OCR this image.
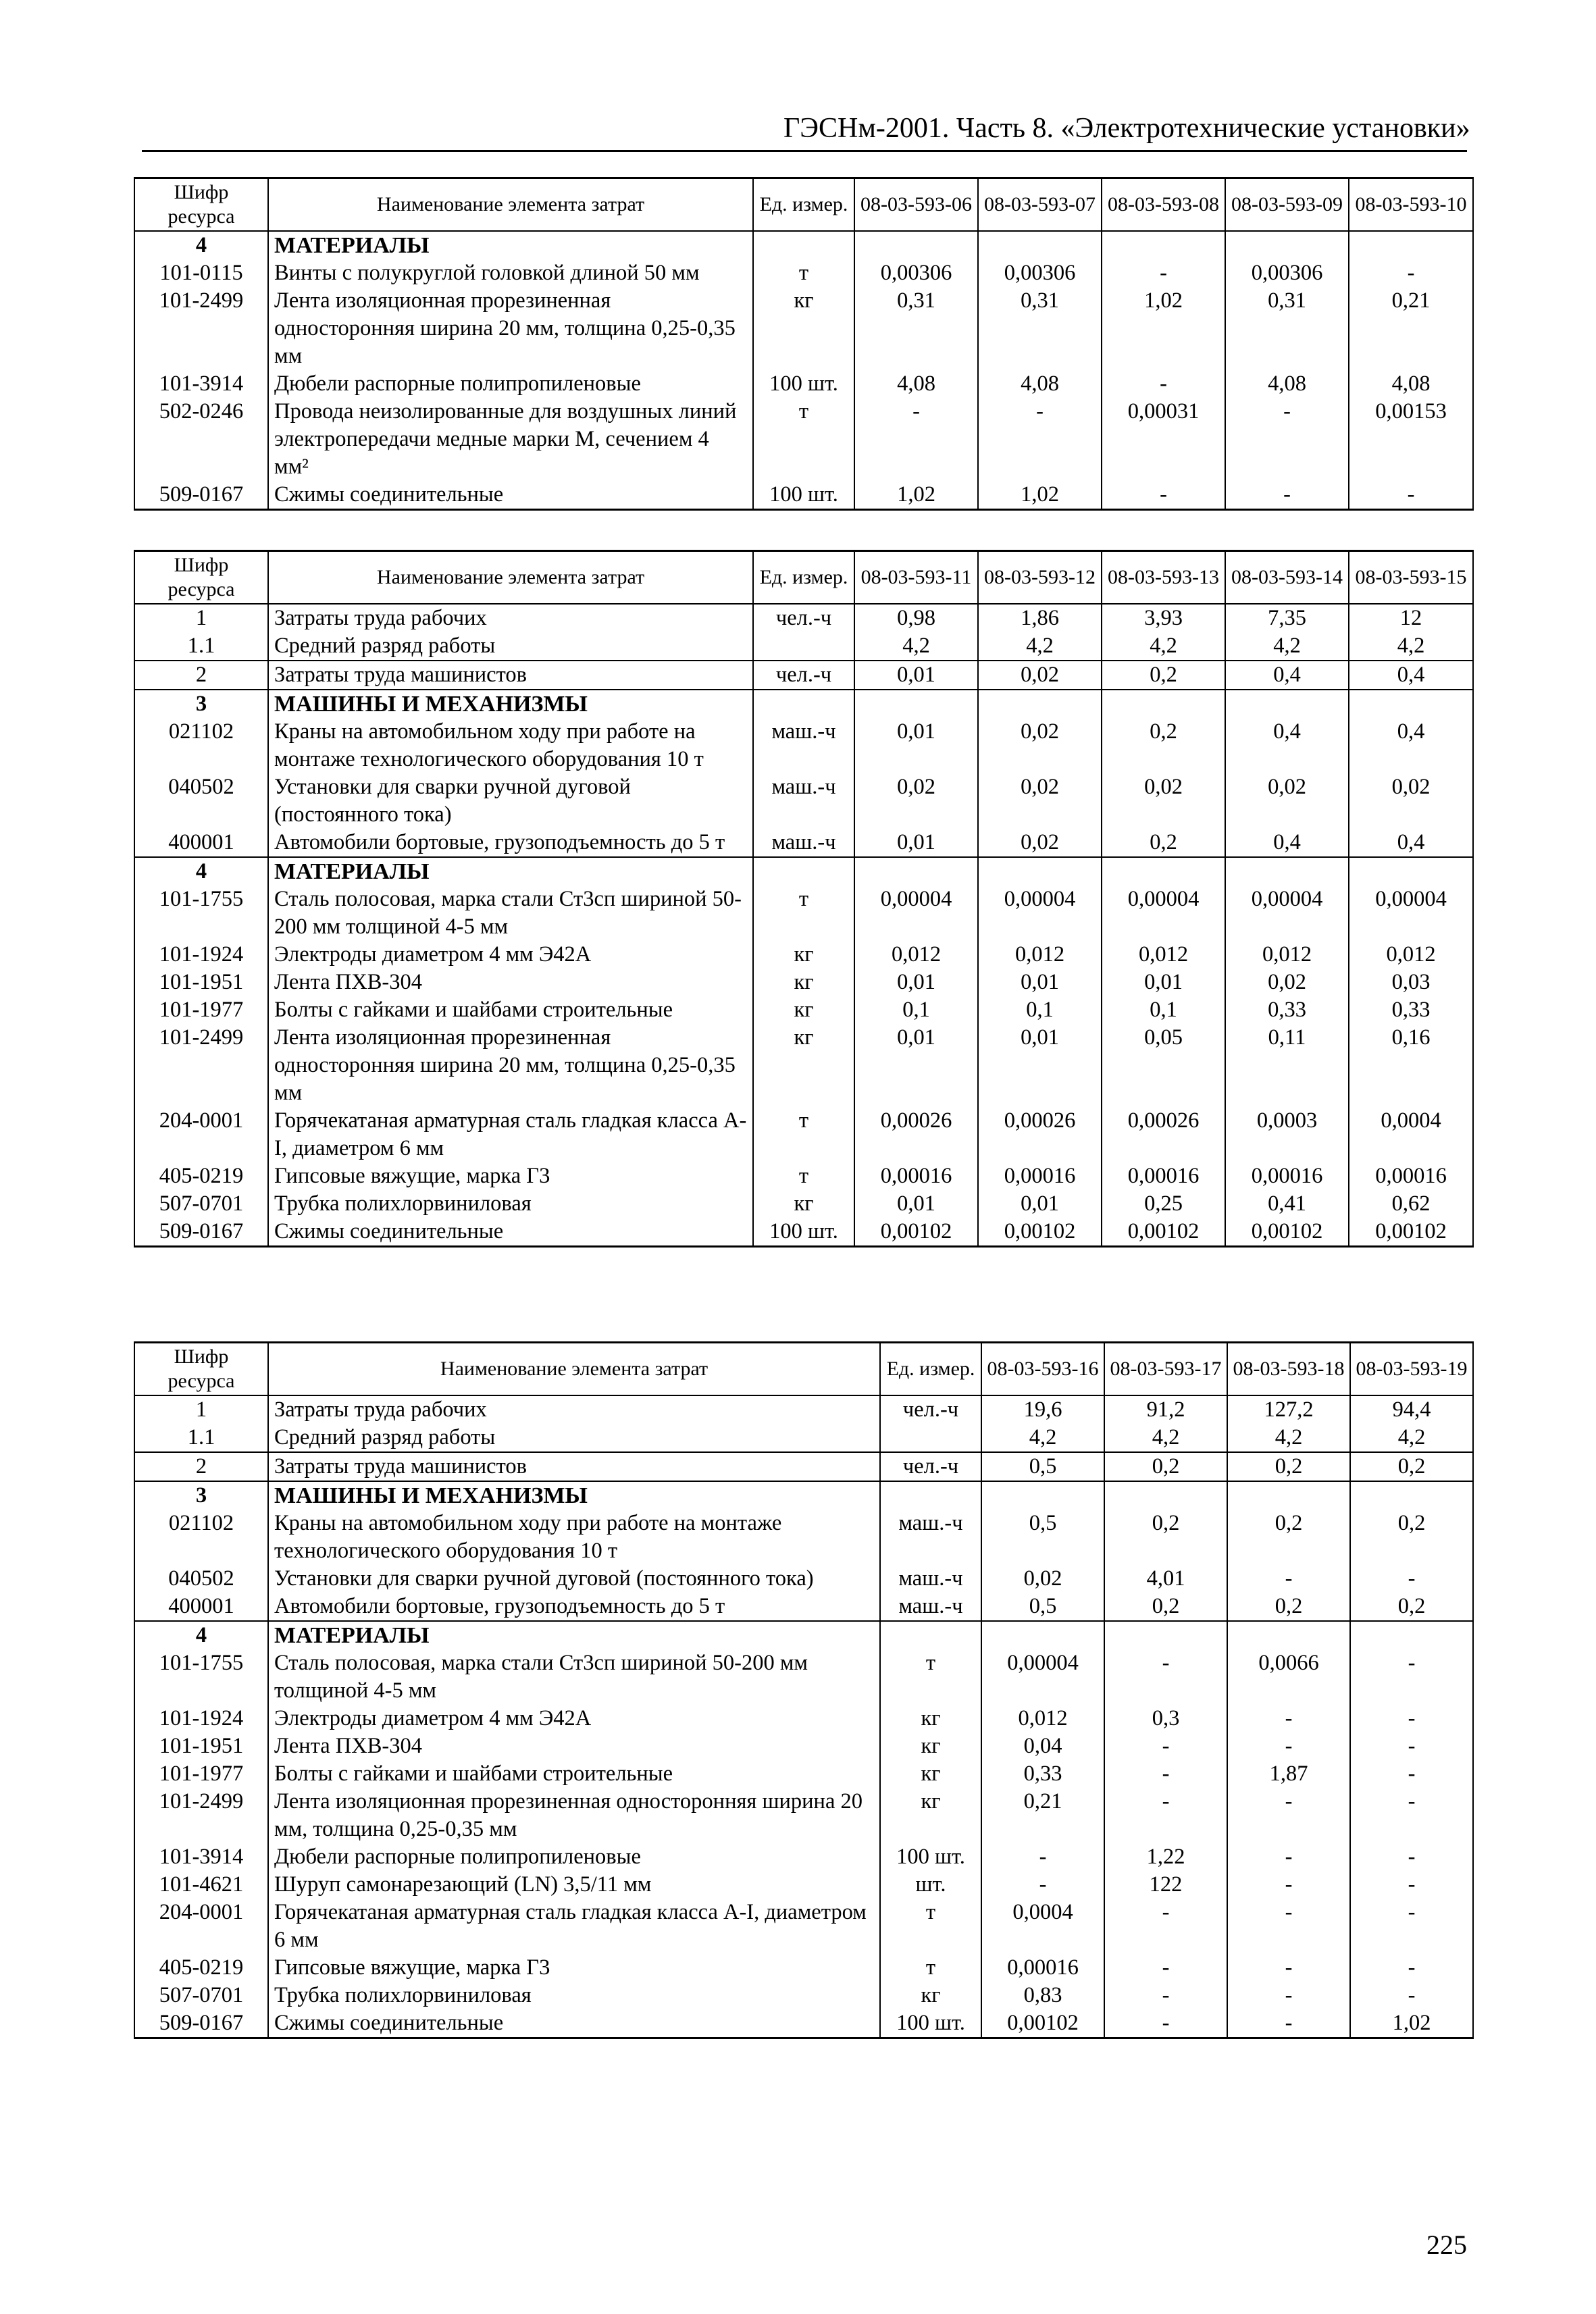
ГЭСНм-2001. Часть 8. «Электротехнические установки»
Шифр ресурса	Наименование элемента затрат	Ед. измер.	08-03-593-06	08-03-593-07	08-03-593-08	08-03-593-09	08-03-593-10
4	МАТЕРИАЛЫ						
101-0115	Винты с полукруглой головкой длиной 50 мм	т	0,00306	0,00306	-	0,00306	-
101-2499	Лента изоляционная прорезиненная односторонняя ширина 20 мм, толщина 0,25-0,35 мм	кг	0,31	0,31	1,02	0,31	0,21
101-3914	Дюбели распорные полипропиленовые	100 шт.	4,08	4,08	-	4,08	4,08
502-0246	Провода неизолированные для воздушных линий электропередачи медные марки М, сечением 4 мм²	т	-	-	0,00031	-	0,00153
509-0167	Сжимы соединительные	100 шт.	1,02	1,02	-	-	-
Шифр ресурса	Наименование элемента затрат	Ед. измер.	08-03-593-11	08-03-593-12	08-03-593-13	08-03-593-14	08-03-593-15
1	Затраты труда рабочих	чел.-ч	0,98	1,86	3,93	7,35	12
1.1	Средний разряд работы		4,2	4,2	4,2	4,2	4,2
2	Затраты труда машинистов	чел.-ч	0,01	0,02	0,2	0,4	0,4
3	МАШИНЫ И МЕХАНИЗМЫ						
021102	Краны на автомобильном ходу при работе на монтаже технологического оборудования 10 т	маш.-ч	0,01	0,02	0,2	0,4	0,4
040502	Установки для сварки ручной дуговой (постоянного тока)	маш.-ч	0,02	0,02	0,02	0,02	0,02
400001	Автомобили бортовые, грузоподъемность до 5 т	маш.-ч	0,01	0,02	0,2	0,4	0,4
4	МАТЕРИАЛЫ						
101-1755	Сталь полосовая, марка стали Ст3сп шириной 50-200 мм толщиной 4-5 мм	т	0,00004	0,00004	0,00004	0,00004	0,00004
101-1924	Электроды диаметром 4 мм Э42А	кг	0,012	0,012	0,012	0,012	0,012
101-1951	Лента ПХВ-304	кг	0,01	0,01	0,01	0,02	0,03
101-1977	Болты с гайками и шайбами строительные	кг	0,1	0,1	0,1	0,33	0,33
101-2499	Лента изоляционная прорезиненная односторонняя ширина 20 мм, толщина 0,25-0,35 мм	кг	0,01	0,01	0,05	0,11	0,16
204-0001	Горячекатаная арматурная сталь гладкая класса А-I, диаметром 6 мм	т	0,00026	0,00026	0,00026	0,0003	0,0004
405-0219	Гипсовые вяжущие, марка Г3	т	0,00016	0,00016	0,00016	0,00016	0,00016
507-0701	Трубка полихлорвиниловая	кг	0,01	0,01	0,25	0,41	0,62
509-0167	Сжимы соединительные	100 шт.	0,00102	0,00102	0,00102	0,00102	0,00102
Шифр ресурса	Наименование элемента затрат	Ед. измер.	08-03-593-16	08-03-593-17	08-03-593-18	08-03-593-19
1	Затраты труда рабочих	чел.-ч	19,6	91,2	127,2	94,4
1.1	Средний разряд работы		4,2	4,2	4,2	4,2
2	Затраты труда машинистов	чел.-ч	0,5	0,2	0,2	0,2
3	МАШИНЫ И МЕХАНИЗМЫ					
021102	Краны на автомобильном ходу при работе на монтаже технологического оборудования 10 т	маш.-ч	0,5	0,2	0,2	0,2
040502	Установки для сварки ручной дуговой (постоянного тока)	маш.-ч	0,02	4,01	-	-
400001	Автомобили бортовые, грузоподъемность до 5 т	маш.-ч	0,5	0,2	0,2	0,2
4	МАТЕРИАЛЫ					
101-1755	Сталь полосовая, марка стали Ст3сп шириной 50-200 мм толщиной 4-5 мм	т	0,00004	-	0,0066	-
101-1924	Электроды диаметром 4 мм Э42А	кг	0,012	0,3	-	-
101-1951	Лента ПХВ-304	кг	0,04	-	-	-
101-1977	Болты с гайками и шайбами строительные	кг	0,33	-	1,87	-
101-2499	Лента изоляционная прорезиненная односторонняя ширина 20 мм, толщина 0,25-0,35 мм	кг	0,21	-	-	-
101-3914	Дюбели распорные полипропиленовые	100 шт.	-	1,22	-	-
101-4621	Шуруп самонарезающий (LN) 3,5/11 мм	шт.	-	122	-	-
204-0001	Горячекатаная арматурная сталь гладкая класса А-I, диаметром 6 мм	т	0,0004	-	-	-
405-0219	Гипсовые вяжущие, марка Г3	т	0,00016	-	-	-
507-0701	Трубка полихлорвиниловая	кг	0,83	-	-	-
509-0167	Сжимы соединительные	100 шт.	0,00102	-	-	1,02
225
